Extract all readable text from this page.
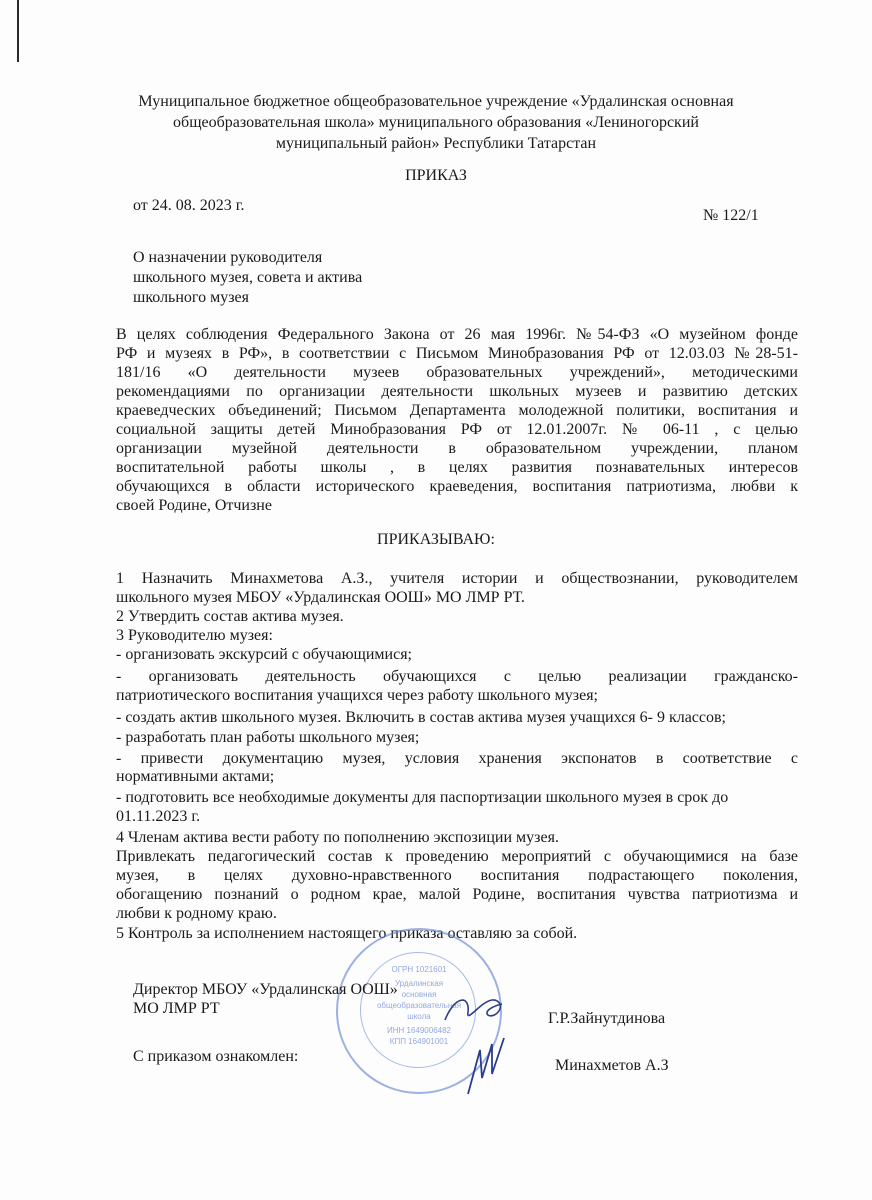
Муниципальное бюджетное общеобразовательное учреждение «Урдалинская основная
общеобразовательная школа» муниципального образования «Лениногорский
муниципальный район» Республики Татарстан
ПРИКАЗ
от 24. 08. 2023 г.
№ 122/1
О назначении руководителя
школьного музея, совета и актива
школьного музея
В целях соблюдения Федерального Закона от 26 мая 1996г. №54-ФЗ «О музейном фонде
РФ и музеях в РФ», в соответствии с Письмом Минобразования РФ от 12.03.03 №28-51-
181/16 «О деятельности музеев образовательных учреждений», методическими
рекомендациями по организации деятельности школьных музеев и развитию детских
краеведческих объединений; Письмом Департамента молодежной политики, воспитания и
социальной защиты детей Минобразования РФ от 12.01.2007г. № 06-11 , с целью
организации музейной деятельности в образовательном учреждении, планом
воспитательной работы школы , в целях развития познавательных интересов
обучающихся в области исторического краеведения, воспитания патриотизма, любви к
своей Родине, Отчизне
ПРИКАЗЫВАЮ:
1 Назначить Минахметова А.З., учителя истории и обществознании, руководителем
школьного музея МБОУ «Урдалинская ООШ» МО ЛМР РТ.
2 Утвердить состав актива музея.
3 Руководителю музея:
- организовать экскурсий с обучающимися;
- организовать деятельность обучающихся с целью реализации гражданско-
патриотического воспитания учащихся через работу школьного музея;
- создать актив школьного музея. Включить в состав актива музея учащихся 6- 9 классов;
- разработать план работы школьного музея;
- привести документацию музея, условия хранения экспонатов в соответствие с
нормативными актами;
- подготовить все необходимые документы для паспортизации школьного музея в срок до
01.11.2023 г.
4 Членам актива вести работу по пополнению экспозиции музея.
Привлекать педагогический состав к проведению мероприятий с обучающимися на базе
музея, в целях духовно-нравственного воспитания подрастающего поколения,
обогащению познаний о родном крае, малой Родине, воспитания чувства патриотизма и
любви к родному краю.
5 Контроль за исполнением настоящего приказа оставляю за собой.
ОГРН 1021601
Урдалинская
основная
общеобразовательная
школа
ИНН 1649006482
КПП 164901001
Директор МБОУ «Урдалинская ООШ»
МО ЛМР РТ
Г.Р.Зайнутдинова
С приказом ознакомлен:
Минахметов А.З
